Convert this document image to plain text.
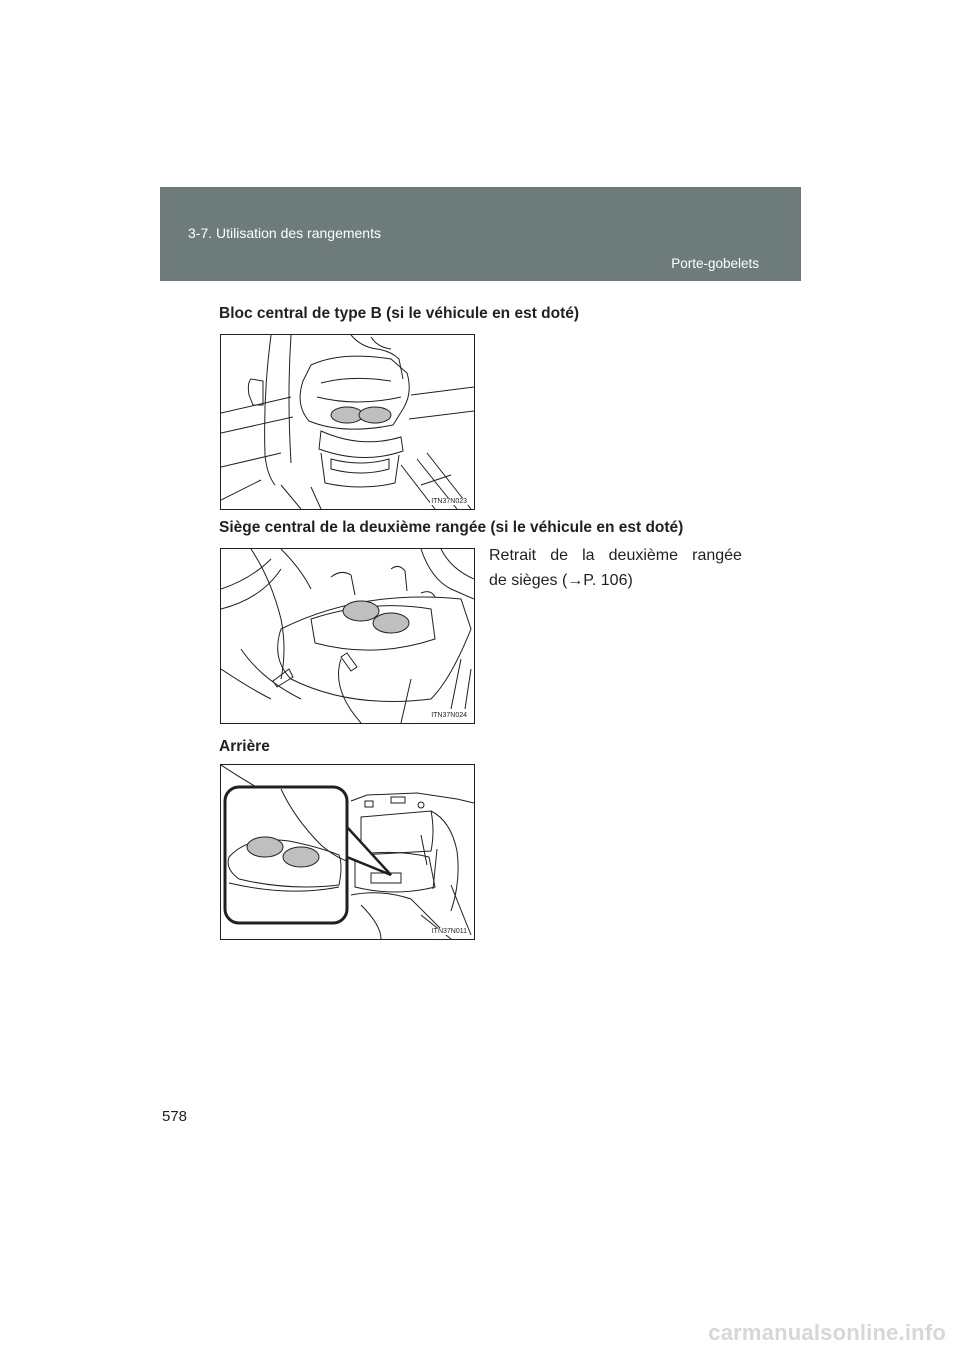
3-7. Utilisation des rangements
Porte-gobelets
Bloc central de type B (si le véhicule en est doté)
ITN37N023
Siège central de la deuxième rangée (si le véhicule en est doté)
ITN37N024
Retrait de la deuxième rangée
de sièges (→P. 106)
Arrière
ITN37N011
578
carmanualsonline.info
